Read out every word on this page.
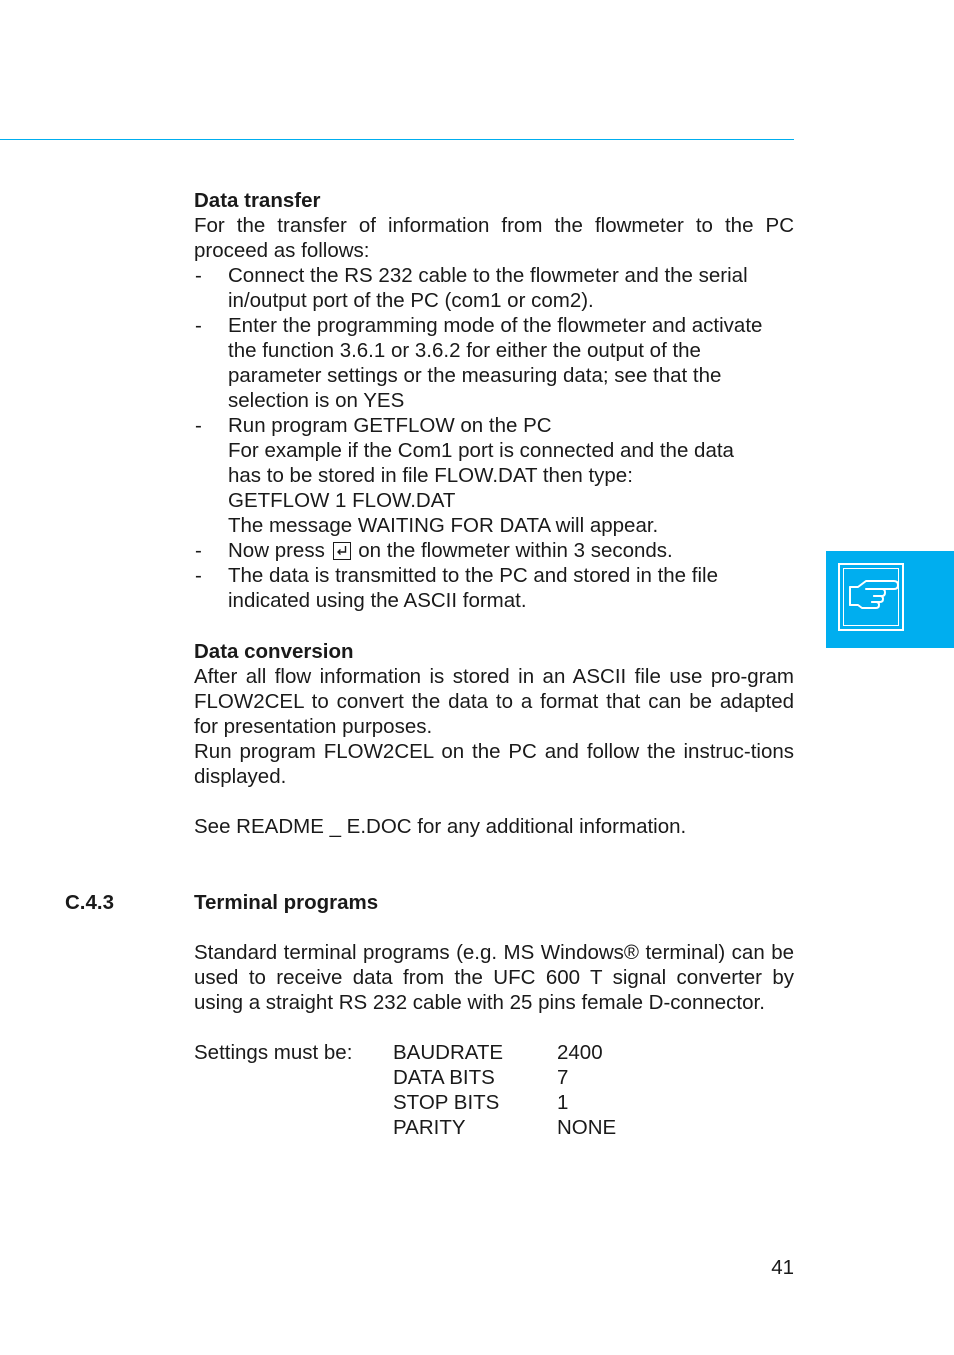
Data transfer

For the transfer of information from the flowmeter to the PC proceed as follows:

- Connect the RS 232 cable to the flowmeter and the serial
in/output port of the PC (com1 or com2).
- Enter the programming mode of the flowmeter and activate the function 3.6.1 or 3.6.2 for either the output of the parameter settings or the measuring data; see that the selection is on YES
- Run program GETFLOW on the PC
For example if the Com1 port is connected and the data
has to be stored in file FLOW.DAT then type:
GETFLOW 1 FLOW.DAT
The message WAITING FOR DATA will appear.
- Now press on the flowmeter within 3 seconds.
- The data is transmitted to the PC and stored in the file indicated using the ASCII format.
Data conversion

After all flow information is stored in an ASCII file use pro-gram FLOW2CEL to convert the data to a format that can be adapted for presentation purposes.

Run program FLOW2CEL on the PC and follow the instruc-tions displayed.

See README _ E.DOC for any additional information.

C.4.3	Terminal programs

Standard terminal programs (e.g. MS Windows® terminal) can be used to receive data from the UFC 600 T signal converter by using a straight RS 232 cable with 25 pins female D-connector.

Settings must be: BAUDRATE	2400
DATA BITS	7
STOP BITS	1
PARITY	NONE
41
